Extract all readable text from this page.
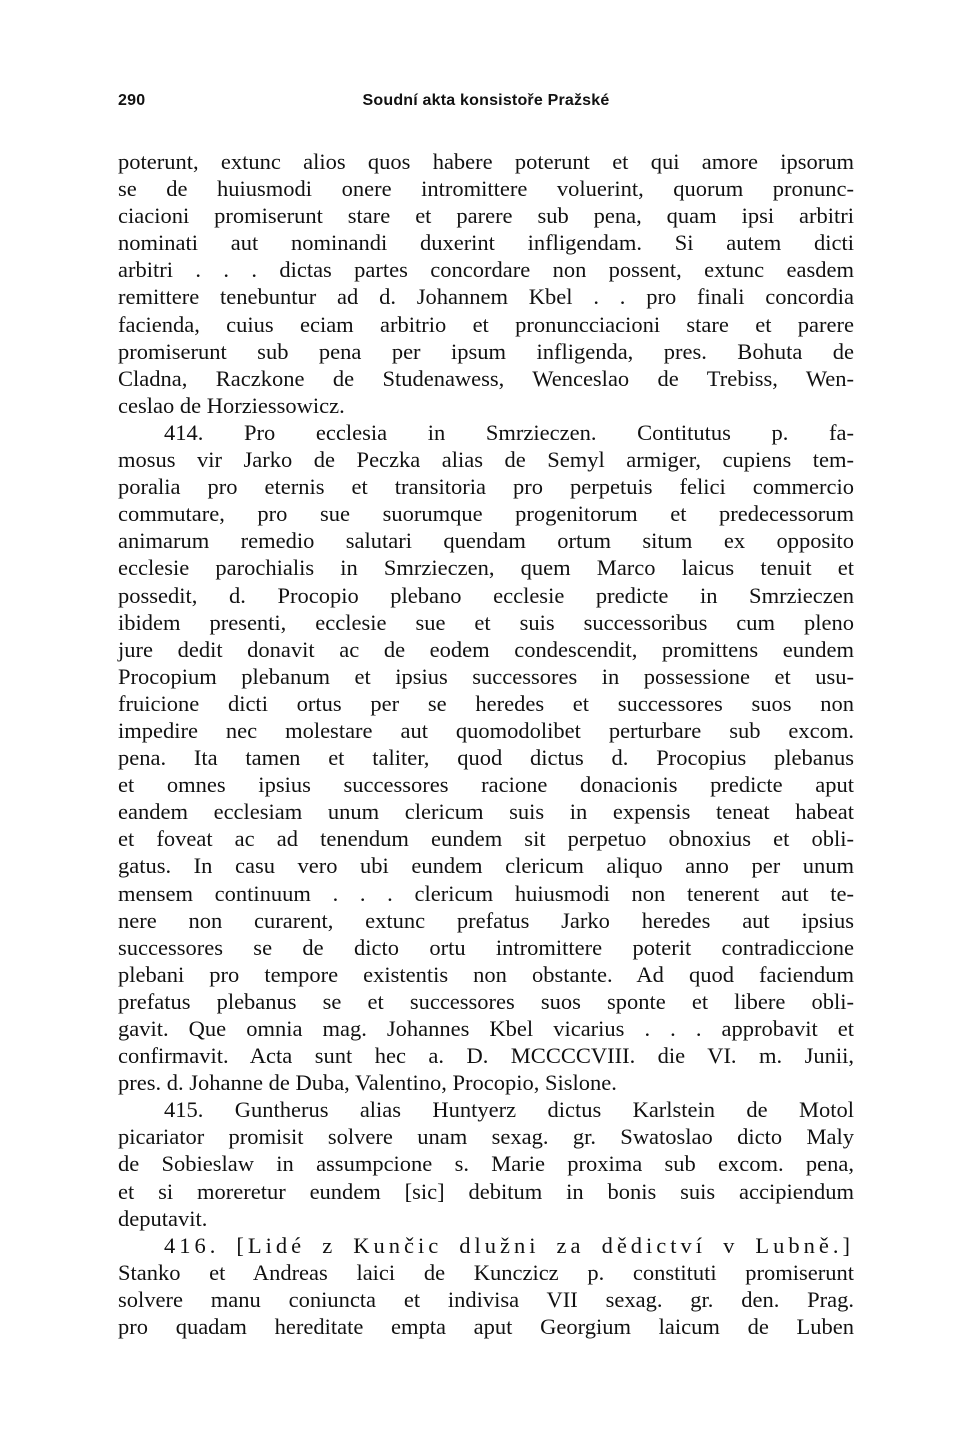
290	Soudní akta konsistoře Pražské
poterunt, extunc alios quos habere poterunt et qui amore ipsorum
se de huiusmodi onere intromittere voluerint, quorum pronunc-
ciacioni promiserunt stare et parere sub pena, quam ipsi arbitri
nominati aut nominandi duxerint infligendam. Si autem dicti
arbitri . . . dictas partes concordare non possent, extunc easdem
remittere tenebuntur ad d. Johannem Kbel . . pro finali concordia
facienda, cuius eciam arbitrio et pronuncciacioni stare et parere
promiserunt sub pena per ipsum infligenda, pres. Bohuta de
Cladna, Raczkone de Studenawess, Wenceslao de Trebiss, Wen-
ceslao de Horziessowicz.
414. Pro ecclesia in Smrzieczen. Contitutus p. fa-
mosus vir Jarko de Peczka alias de Semyl armiger, cupiens tem-
poralia pro eternis et transitoria pro perpetuis felici commercio
commutare, pro sue suorumque progenitorum et predecessorum
animarum remedio salutari quendam ortum situm ex opposito
ecclesie parochialis in Smrzieczen, quem Marco laicus tenuit et
possedit, d. Procopio plebano ecclesie predicte in Smrzieczen
ibidem presenti, ecclesie sue et suis successoribus cum pleno
jure dedit donavit ac de eodem condescendit, promittens eundem
Procopium plebanum et ipsius successores in possessione et usu-
fruicione dicti ortus per se heredes et successores suos non
impedire nec molestare aut quomodolibet perturbare sub excom.
pena. Ita tamen et taliter, quod dictus d. Procopius plebanus
et omnes ipsius successores racione donacionis predicte aput
eandem ecclesiam unum clericum suis in expensis teneat habeat
et foveat ac ad tenendum eundem sit perpetuo obnoxius et obli-
gatus. In casu vero ubi eundem clericum aliquo anno per unum
mensem continuum . . . clericum huiusmodi non tenerent aut te-
nere non curarent, extunc prefatus Jarko heredes aut ipsius
successores se de dicto ortu intromittere poterit contradiccione
plebani pro tempore existentis non obstante. Ad quod faciendum
prefatus plebanus se et successores suos sponte et libere obli-
gavit. Que omnia mag. Johannes Kbel vicarius . . . approbavit et
confirmavit. Acta sunt hec a. D. MCCCCVIII. die VI. m. Junii,
pres. d. Johanne de Duba, Valentino, Procopio, Sislone.
415. Guntherus alias Huntyerz dictus Karlstein de Motol
picariator promisit solvere unam sexag. gr. Swatoslao dicto Maly
de Sobieslaw in assumpcione s. Marie proxima sub excom. pena,
et si moreretur eundem [sic] debitum in bonis suis accipiendum
deputavit.
416. [Lidé z Kunčic dlužni za dědictví v Lubně.]
Stanko et Andreas laici de Kunczicz p. constituti promiserunt
solvere manu coniuncta et indivisa VII sexag. gr. den. Prag.
pro quadam hereditate empta aput Georgium laicum de Luben
